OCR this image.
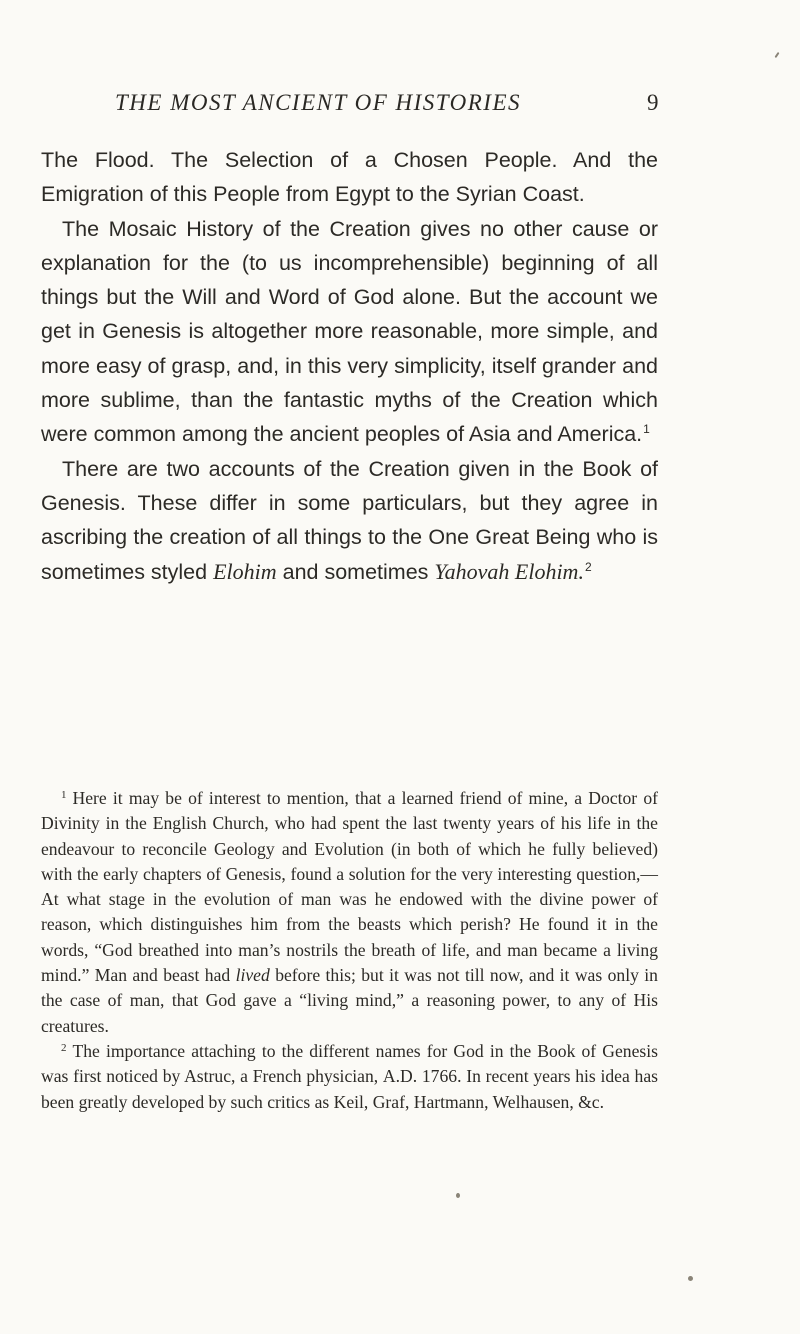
THE MOST ANCIENT OF HISTORIES	9

The Flood. The Selection of a Chosen People. And the Emigration of this People from Egypt to the Syrian Coast.

The Mosaic History of the Creation gives no other cause or explanation for the (to us incomprehensible) beginning of all things but the Will and Word of God alone. But the account we get in Genesis is altogether more reasonable, more simple, and more easy of grasp, and, in this very simplicity, itself grander and more sublime, than the fantastic myths of the Creation which were common among the ancient peoples of Asia and America.$^1$

There are two accounts of the Creation given in the Book of Genesis. These differ in some particulars, but they agree in ascribing the creation of all things to the One Great Being who is sometimes styled Elohim and sometimes Yahovah Elohim.$^2$

$^1$ Here it may be of interest to mention, that a learned friend of mine, a Doctor of Divinity in the English Church, who had spent the last twenty years of his life in the endeavour to reconcile Geology and Evolution (in both of which he fully believed) with the early chapters of Genesis, found a solution for the very interesting question,—At what stage in the evolution of man was he endowed with the divine power of reason, which distinguishes him from the beasts which perish? He found it in the words, “God breathed into man’s nostrils the breath of life, and man became a living mind.” Man and beast had lived before this; but it was not till now, and it was only in the case of man, that God gave a “living mind,” a reasoning power, to any of His creatures.

$^2$ The importance attaching to the different names for God in the Book of Genesis was first noticed by Astruc, a French physician, A.D. 1766. In recent years his idea has been greatly developed by such critics as Keil, Graf, Hartmann, Welhausen, &c.
